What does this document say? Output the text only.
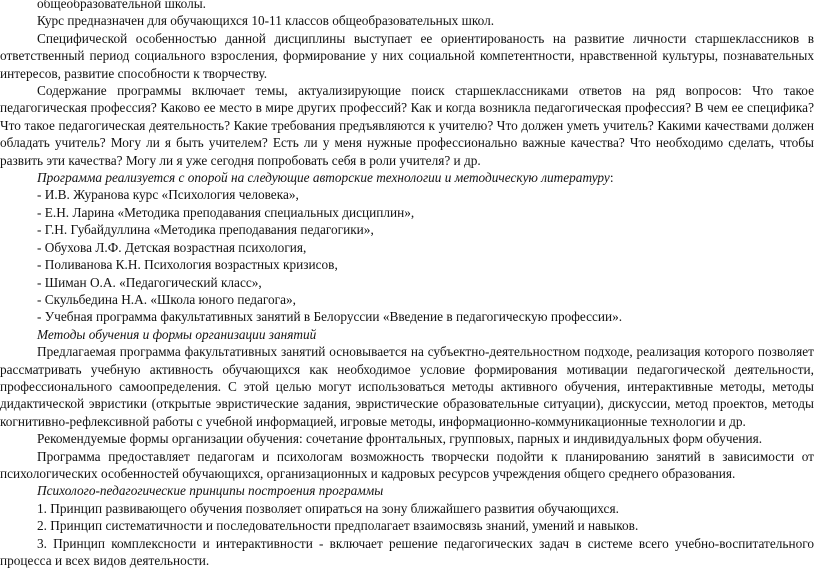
общеобразовательной школы.

Курс предназначен для обучающихся 10-11 классов общеобразовательных школ.

Специфической особенностью данной дисциплины выступает ее ориентированость на развитие личности старшеклассников в ответственный период социального взросления, формирование у них социальной компетентности, нравственной культуры, познавательных интересов, развитие способности к творчеству.

Содержание программы включает темы, актуализирующие поиск старшеклассниками ответов на ряд вопросов: Что такое педагогическая профессия? Каково ее место в мире других профессий? Как и когда возникла педагогическая профессия? В чем ее специфика? Что такое педагогическая деятельность? Какие требования предъявляются к учителю? Что должен уметь учитель? Какими качествами должен обладать учитель? Могу ли я быть учителем? Есть ли у меня нужные профессионально важные качества? Что необходимо сделать, чтобы развить эти качества? Могу ли я уже сегодня попробовать себя в роли учителя? и др.

Программа реализуется с опорой на следующие авторские технологии и методическую литературу:

- И.В. Журанова курс «Психология человека»,
- Е.Н. Ларина «Методика преподавания специальных дисциплин»,
- Г.Н. Губайдуллина «Методика преподавания педагогики»,
- Обухова Л.Ф. Детская возрастная психология,
- Поливанова К.Н. Психология возрастных кризисов,
- Шиман О.А. «Педагогический класс»,
- Скульбедина Н.А. «Школа юного педагога»,
- Учебная программа факультативных занятий в Белоруссии «Введение в педагогическую профессии».

Методы обучения и формы организации занятий

Предлагаемая программа факультативных занятий основывается на субъектно-деятельностном подходе, реализация которого позволяет рассматривать учебную активность обучающихся как необходимое условие формирования мотивации педагогической деятельности, профессионального самоопределения. С этой целью могут использоваться методы активного обучения, интерактивные методы, методы дидактической эвристики (открытые эвристические задания, эвристические образовательные ситуации), дискуссии, метод проектов, методы когнитивно-рефлексивной работы с учебной информацией, игровые методы, информационно-коммуникационные технологии и др.

Рекомендуемые формы организации обучения: сочетание фронтальных, групповых, парных и индивидуальных форм обучения.

Программа предоставляет педагогам и психологам возможность творчески подойти к планированию занятий в зависимости от психологических особенностей обучающихся, организационных и кадровых ресурсов учреждения общего среднего образования.

Психолого-педагогические принципы построения программы

1. Принцип развивающего обучения позволяет опираться на зону ближайшего развития обучающихся.
2. Принцип систематичности и последовательности предполагает взаимосвязь знаний, умений и навыков.
3. Принцип комплексности и интерактивности - включает решение педагогических задач в системе всего учебно-воспитательного процесса и всех видов деятельности.
